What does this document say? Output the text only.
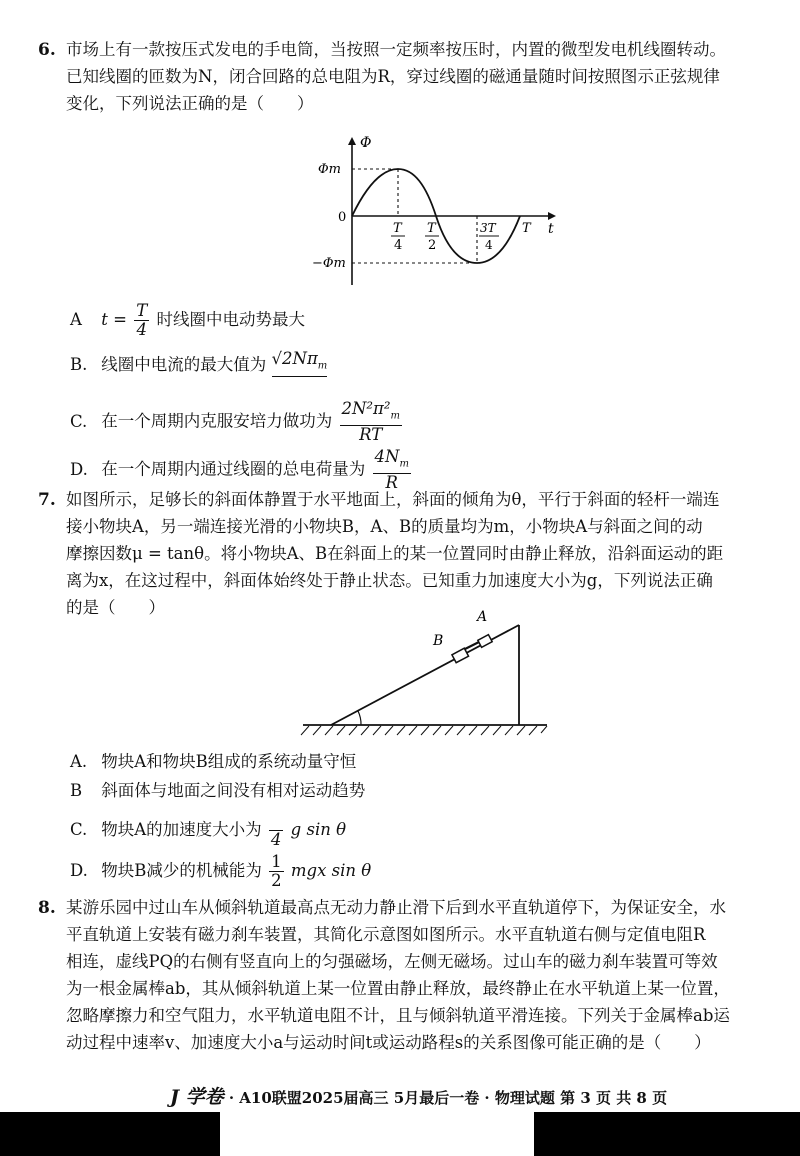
6. 市场上有一款按压式发电的手电筒，当按照一定频率按压时，内置的微型发电机线圈转动。
已知线圈的匝数为N，闭合回路的总电阻为R，穿过线圈的磁通量随时间按照图示正弦规律
变化，下列说法正确的是（　　）
Φ
Φm
−Φm
0
t
T
4
T
2
3T
4
T
A $t = \frac{T}{4}$ 时线圈中电动势最大
B. 线圈中电流的最大值为 $√2N\pi_m$
C. 在一个周期内克服安培力做功为 $\frac{2N^2\pi^2_m}{RT}$
D. 在一个周期内通过线圈的总电荷量为 $\frac{4N_m}{R}$
7. 如图所示，足够长的斜面体静置于水平地面上，斜面的倾角为θ，平行于斜面的轻杆一端连
接小物块A，另一端连接光滑的小物块B，A、B的质量均为m，小物块A与斜面之间的动
摩擦因数μ = tanθ。将小物块A、B在斜面上的某一位置同时由静止释放，沿斜面运动的距
离为x，在这过程中，斜面体始终处于静止状态。已知重力加速度大小为g，下列说法正确
的是（　　）
B
A
A. 物块A和物块B组成的系统动量守恒
B 斜面体与地面之间没有相对运动趋势
C. 物块A的加速度大小为

4
g sin θ
D. 物块B减少的机械能为 $\frac{1}{2}$ mgx sin θ
8. 某游乐园中过山车从倾斜轨道最高点无动力静止滑下后到水平直轨道停下，为保证安全，水
平直轨道上安装有磁力刹车装置，其简化示意图如图所示。水平直轨道右侧与定值电阻R
相连，虚线PQ的右侧有竖直向上的匀强磁场，左侧无磁场。过山车的磁力刹车装置可等效
为一根金属棒ab，其从倾斜轨道上某一位置由静止释放，最终静止在水平轨道上某一位置，
忽略摩擦力和空气阻力，水平轨道电阻不计，且与倾斜轨道平滑连接。下列关于金属棒ab运
动过程中速率v、加速度大小a与运动时间t或运动路程s的关系图像可能正确的是（　　）
J 学卷 · A10联盟2025届高三 5月最后一卷 · 物理试题 第 3 页 共 8 页
